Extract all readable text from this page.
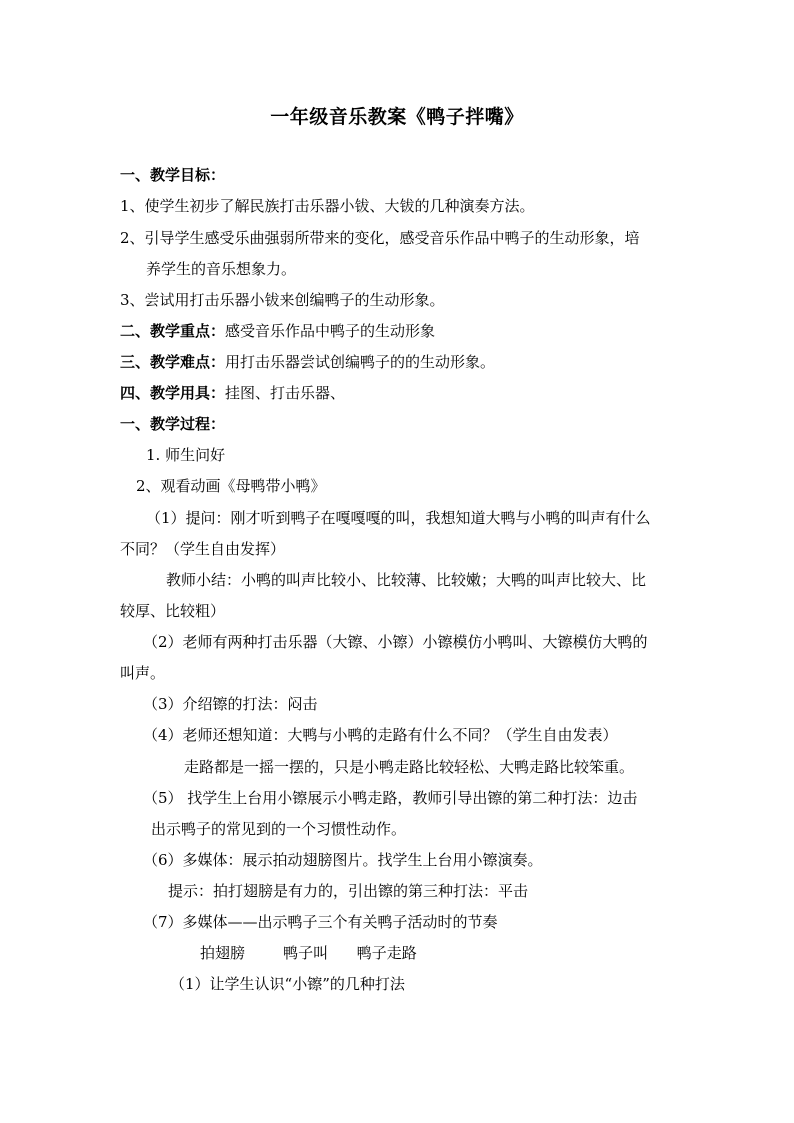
一年级音乐教案《鸭子拌嘴》
一、教学目标：
1、使学生初步了解民族打击乐器小钹、大钹的几种演奏方法。
2、引导学生感受乐曲强弱所带来的变化，感受音乐作品中鸭子的生动形象，培
养学生的音乐想象力。
3、尝试用打击乐器小钹来创编鸭子的生动形象。
二、教学重点：感受音乐作品中鸭子的生动形象
三、教学难点：用打击乐器尝试创编鸭子的的生动形象。
四、教学用具：挂图、打击乐器、
一、教学过程：
1. 师生问好
2、观看动画《母鸭带小鸭》
（1）提问：刚才听到鸭子在嘎嘎嘎的叫，我想知道大鸭与小鸭的叫声有什么
不同？（学生自由发挥）
教师小结：小鸭的叫声比较小、比较薄、比较嫩；大鸭的叫声比较大、比
较厚、比较粗）
（2）老师有两种打击乐器（大镲、小镲）小镲模仿小鸭叫、大镲模仿大鸭的
叫声。
（3）介绍镲的打法：闷击
（4）老师还想知道：大鸭与小鸭的走路有什么不同？（学生自由发表）
走路都是一摇一摆的，只是小鸭走路比较轻松、大鸭走路比较笨重。
（5） 找学生上台用小镲展示小鸭走路，教师引导出镲的第二种打法：边击
出示鸭子的常见到的一个习惯性动作。
（6）多媒体：展示拍动翅膀图片。找学生上台用小镲演奏。
提示：拍打翅膀是有力的，引出镲的第三种打法：平击
（7）多媒体——出示鸭子三个有关鸭子活动时的节奏
拍翅膀        鸭子叫      鸭子走路
（1）让学生认识“小镲”的几种打法
